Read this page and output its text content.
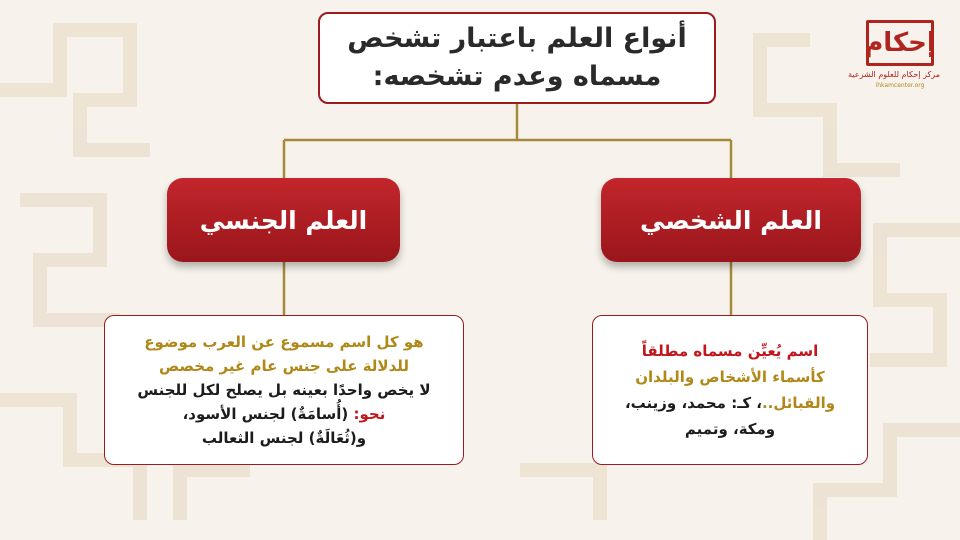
أنواع العلم باعتبار تشخص
مسماه وعدم تشخصه:
العلم الجنسي	العلم الشخصي
هو كل اسم مسموع عن العرب موضوع
للدلالة على جنس عام غير مخصص
لا يخص واحدًا بعينه بل يصلح لكل للجنس
نحو: (أُسامَةٌ) لجنس الأسود،
و(ثُعَالَةٌ) لجنس الثعالب
اسم يُعيِّن مسماه مطلقاً
كأسماء الأشخاص والبلدان
والقبائل..، كـ: محمد، وزينب،
ومكة، وتميم
إحكام
مركز إحكام للعلوم الشرعية
ihkamcenter.org
